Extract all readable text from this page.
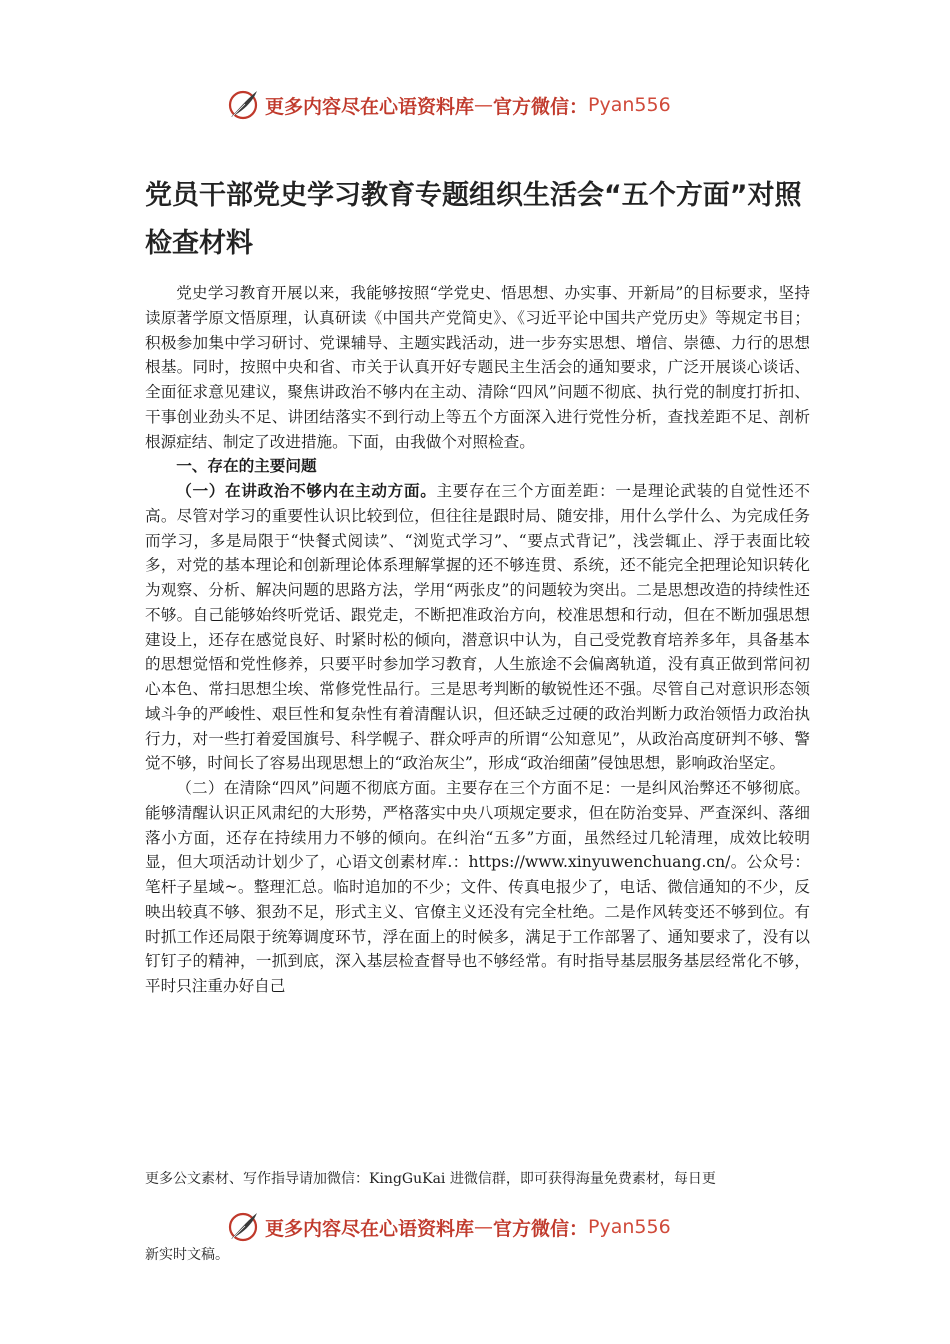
更多内容尽在心语资料库 — 官方微信： Pyan556
党员干部党史学习教育专题组织生活会“五个方面”对照检查材料

党史学习教育开展以来，我能够按照“学党史、悟思想、办实事、开新局”的目标要求，坚持读原著学原文悟原理，认真研读《中国共产党简史》、《习近平论中国共产党历史》等规定书目；积极参加集中学习研讨、党课辅导、主题实践活动，进一步夯实思想、增信、崇德、力行的思想根基。同时，按照中央和省、市关于认真开好专题民主生活会的通知要求，广泛开展谈心谈话、全面征求意见建议，聚焦讲政治不够内在主动、清除“四风”问题不彻底、执行党的制度打折扣、干事创业劲头不足、讲团结落实不到行动上等五个方面深入进行党性分析，查找差距不足、剖析根源症结、制定了改进措施。下面，由我做个对照检查。

一、存在的主要问题

（一）在讲政治不够内在主动方面。主要存在三个方面差距：一是理论武装的自觉性还不高。尽管对学习的重要性认识比较到位，但往往是跟时局、随安排，用什么学什么、为完成任务而学习，多是局限于“快餐式阅读”、“浏览式学习”、“要点式背记”，浅尝辄止、浮于表面比较多，对党的基本理论和创新理论体系理解掌握的还不够连贯、系统，还不能完全把理论知识转化为观察、分析、解决问题的思路方法，学用“两张皮”的问题较为突出。二是思想改造的持续性还不够。自己能够始终听党话、跟党走，不断把准政治方向，校准思想和行动，但在不断加强思想建设上，还存在感觉良好、时紧时松的倾向，潜意识中认为，自己受党教育培养多年，具备基本的思想觉悟和党性修养，只要平时参加学习教育，人生旅途不会偏离轨道，没有真正做到常问初心本色、常扫思想尘埃、常修党性品行。三是思考判断的敏锐性还不强。尽管自己对意识形态领域斗争的严峻性、艰巨性和复杂性有着清醒认识，但还缺乏过硬的政治判断力政治领悟力政治执行力，对一些打着爱国旗号、科学幌子、群众呼声的所谓“公知意见”，从政治高度研判不够、警觉不够，时间长了容易出现思想上的“政治灰尘”，形成“政治细菌”侵蚀思想，影响政治坚定。

（二）在清除“四风”问题不彻底方面。主要存在三个方面不足：一是纠风治弊还不够彻底。能够清醒认识正风肃纪的大形势，严格落实中央八项规定要求，但在防治变异、严查深纠、落细落小方面，还存在持续用力不够的倾向。在纠治“五多”方面，虽然经过几轮清理，成效比较明显，但大项活动计划少了，心语文创素材库.：https://www.xinyuwenchuang.cn/。公众号：笔杆子星域~。整理汇总。临时追加的不少；文件、传真电报少了，电话、微信通知的不少，反映出较真不够、狠劲不足，形式主义、官僚主义还没有完全杜绝。二是作风转变还不够到位。有时抓工作还局限于统筹调度环节，浮在面上的时候多，满足于工作部署了、通知要求了，没有以钉钉子的精神，一抓到底，深入基层检查督导也不够经常。有时指导基层服务基层经常化不够，平时只注重办好自己

更多公文素材、写作指导请加微信：KingGuKai 进微信群，即可获得海量免费素材，每日更
更多内容尽在心语资料库 — 官方微信： Pyan556
新实时文稿。
